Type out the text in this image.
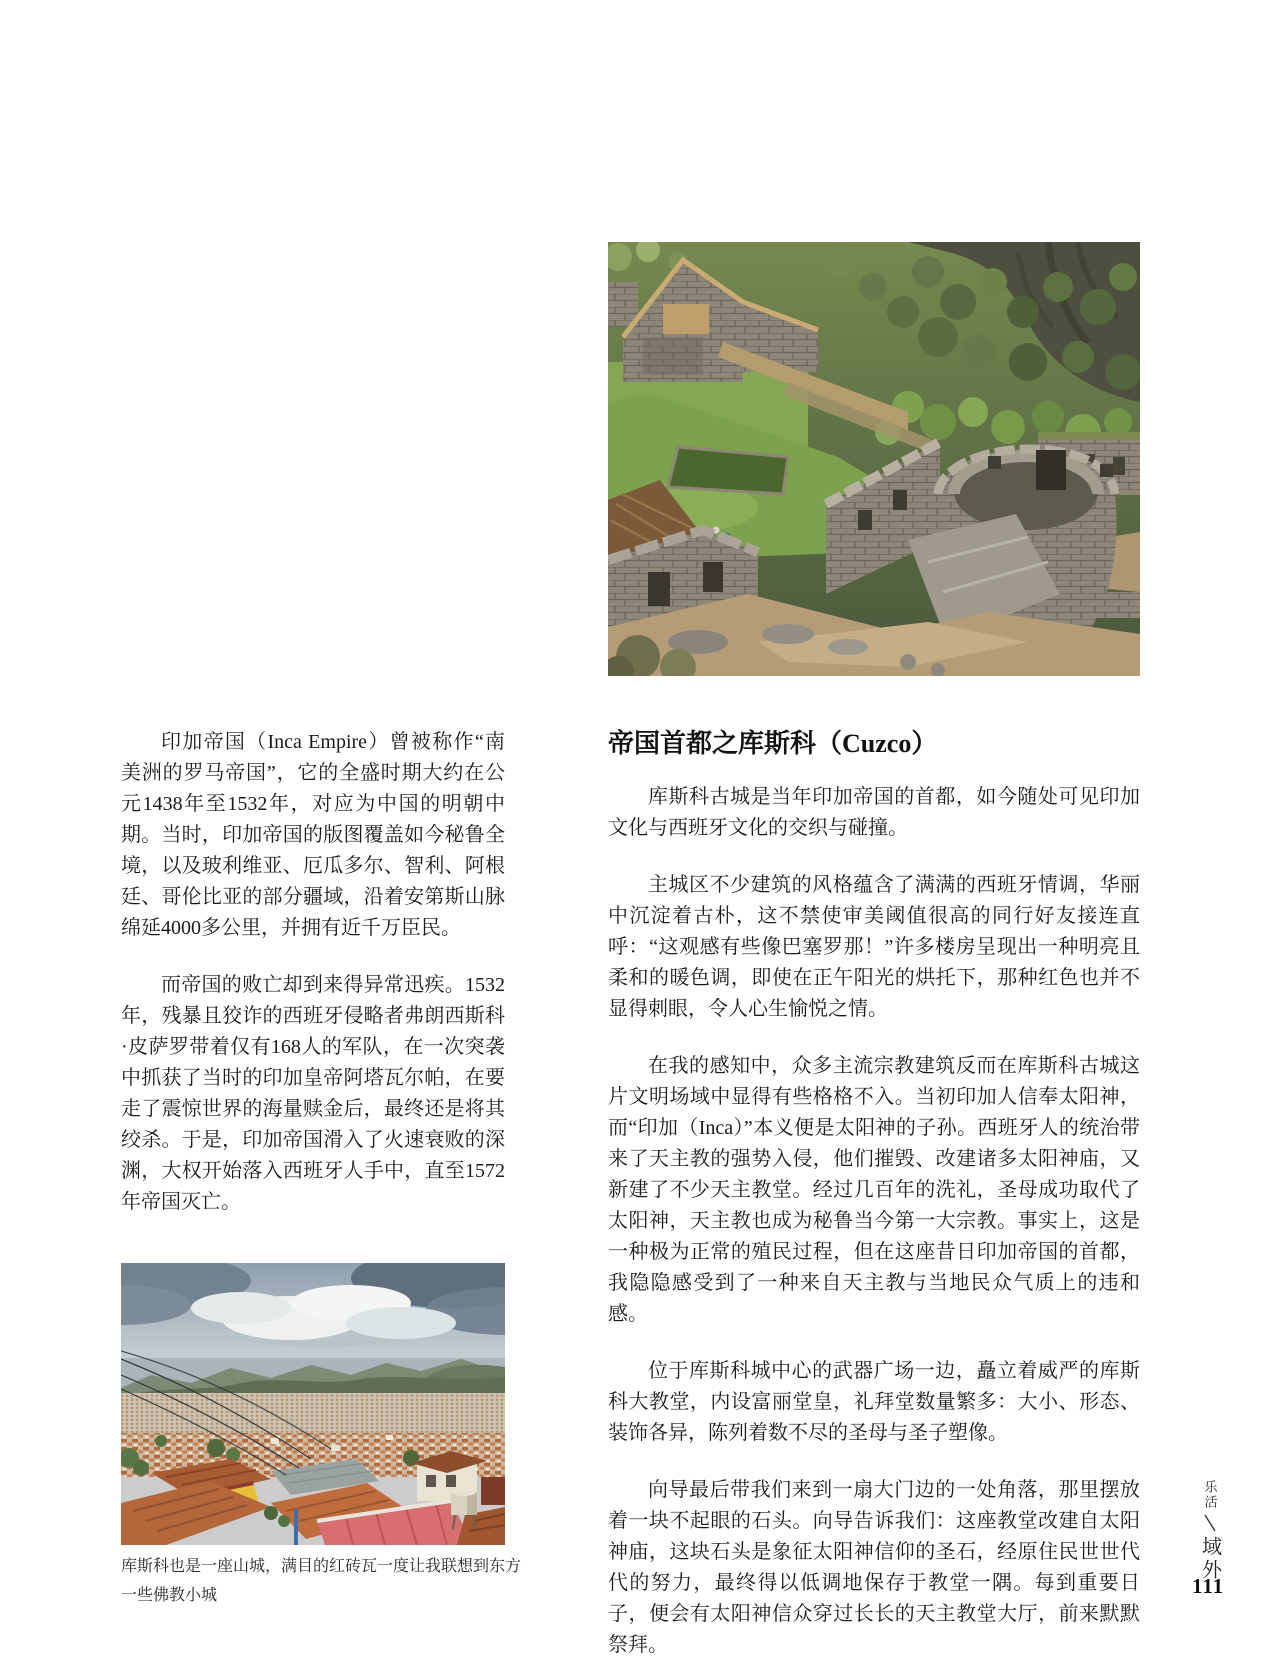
印加帝国（Inca Empire）曾被称作“南美洲的罗马帝国”，它的全盛时期大约在公元1438年至1532年，对应为中国的明朝中期。当时，印加帝国的版图覆盖如今秘鲁全境，以及玻利维亚、厄瓜多尔、智利、阿根廷、哥伦比亚的部分疆域，沿着安第斯山脉绵延4000多公里，并拥有近千万臣民。

而帝国的败亡却到来得异常迅疾。1532年，残暴且狡诈的西班牙侵略者弗朗西斯科·皮萨罗带着仅有168人的军队，在一次突袭中抓获了当时的印加皇帝阿塔瓦尔帕，在要走了震惊世界的海量赎金后，最终还是将其绞杀。于是，印加帝国滑入了火速衰败的深渊，大权开始落入西班牙人手中，直至1572年帝国灭亡。

帝国首都之库斯科（Cuzco）

库斯科古城是当年印加帝国的首都，如今随处可见印加文化与西班牙文化的交织与碰撞。

主城区不少建筑的风格蕴含了满满的西班牙情调，华丽中沉淀着古朴，这不禁使审美阈值很高的同行好友接连直呼：“这观感有些像巴塞罗那！”许多楼房呈现出一种明亮且柔和的暖色调，即使在正午阳光的烘托下，那种红色也并不显得刺眼，令人心生愉悦之情。

在我的感知中，众多主流宗教建筑反而在库斯科古城这片文明场域中显得有些格格不入。当初印加人信奉太阳神，而“印加（Inca）”本义便是太阳神的子孙。西班牙人的统治带来了天主教的强势入侵，他们摧毁、改建诸多太阳神庙，又新建了不少天主教堂。经过几百年的洗礼，圣母成功取代了太阳神，天主教也成为秘鲁当今第一大宗教。事实上，这是一种极为正常的殖民过程，但在这座昔日印加帝国的首都，我隐隐感受到了一种来自天主教与当地民众气质上的违和感。

位于库斯科城中心的武器广场一边，矗立着威严的库斯科大教堂，内设富丽堂皇，礼拜堂数量繁多：大小、形态、装饰各异，陈列着数不尽的圣母与圣子塑像。

向导最后带我们来到一扇大门边的一处角落，那里摆放着一块不起眼的石头。向导告诉我们：这座教堂改建自太阳神庙，这块石头是象征太阳神信仰的圣石，经原住民世世代代的努力，最终得以低调地保存于教堂一隅。每到重要日子，便会有太阳神信众穿过长长的天主教堂大厅，前来默默祭拜。

库斯科也是一座山城，满目的红砖瓦一度让我联想到东方一些佛教小城

乐活
域外
111
